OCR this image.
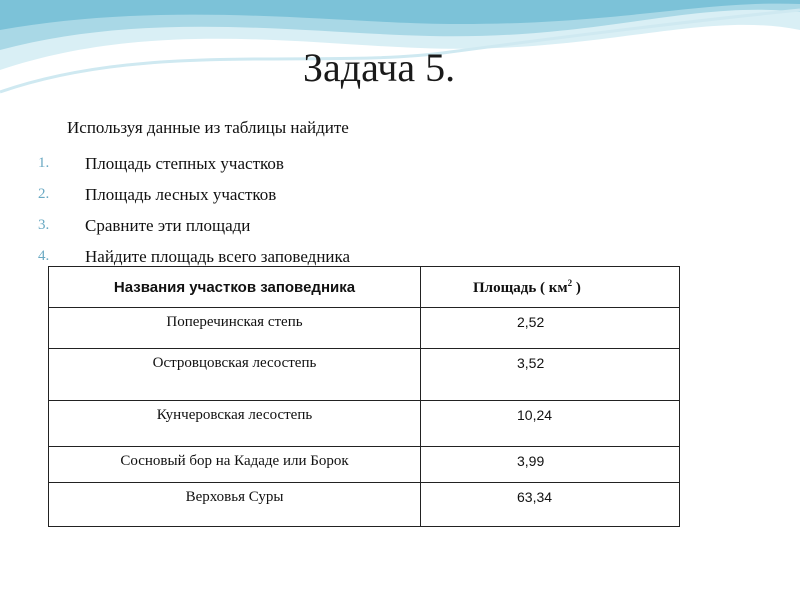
Задача 5.
Используя данные из таблицы найдите
1.	Площадь степных участков
2.	Площадь лесных участков
3.	Сравните эти площади
4.	Найдите площадь всего заповедника
Названия участков заповедника	Площадь ( $км^2$ )
Поперечинская степь	2,52
Островцовская лесостепь	3,52
Кунчеровская лесостепь	10,24
Сосновый бор на Кададе или Борок	3,99
Верховья Суры	63,34
